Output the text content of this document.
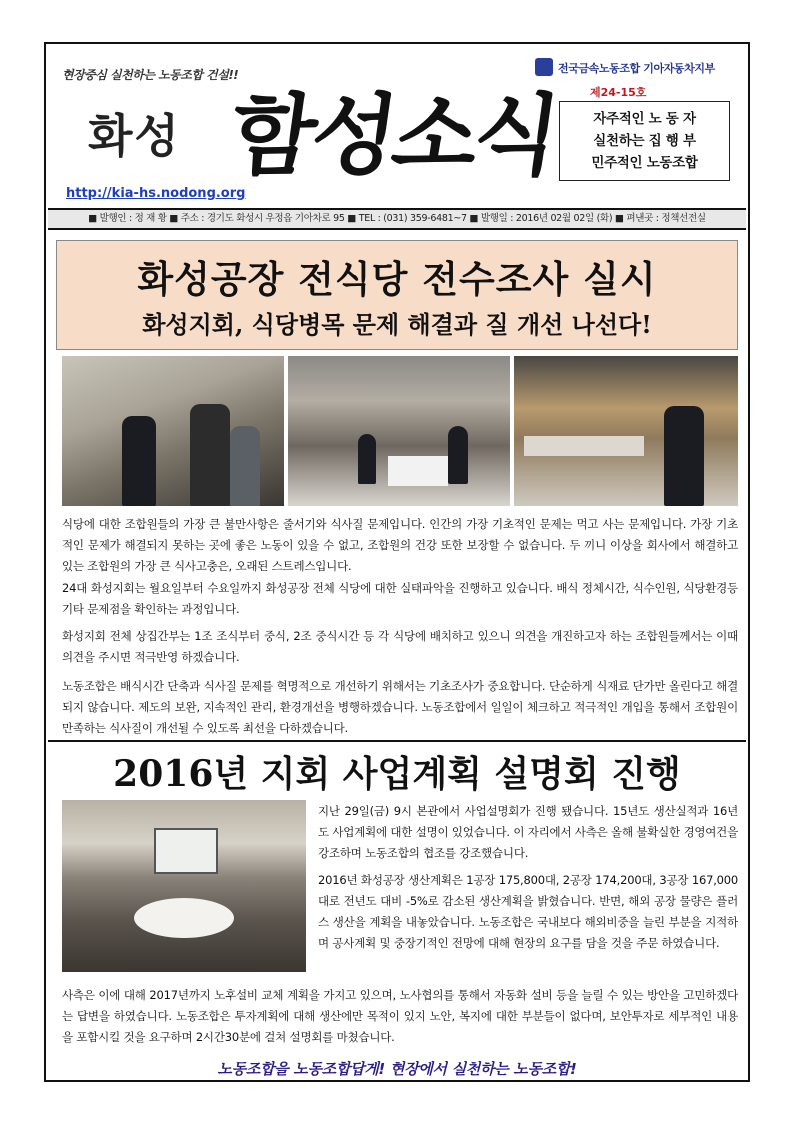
현장중심 실천하는 노동조합 건설!!
화성 함성소식
전국금속노동조합 기아자동차지부
제24-15호
자주적인 노 동 자
실천하는 집 행 부
민주적인 노동조합
http://kia-hs.nodong.org
■ 발행인 : 정 재 황 ■ 주소 : 경기도 화성시 우정읍 기아차로 95 ■ TEL : (031) 359-6481~7 ■ 발행일 : 2016년 02월 02일 (화) ■ 펴낸곳 : 정책선전실
화성공장 전식당 전수조사 실시
화성지회, 식당병목 문제 해결과 질 개선 나선다!
식당에 대한 조합원들의 가장 큰 불만사항은 줄서기와 식사질 문제입니다. 인간의 가장 기초적인 문제는 먹고 사는 문제입니다. 가장 기초적인 문제가 해결되지 못하는 곳에 좋은 노동이 있을 수 없고, 조합원의 건강 또한 보장할 수 없습니다. 두 끼니 이상을 회사에서 해결하고 있는 조합원의 가장 큰 식사고충은, 오래된 스트레스입니다.
24대 화성지회는 월요일부터 수요일까지 화성공장 전체 식당에 대한 실태파악을 진행하고 있습니다. 배식 정체시간, 식수인원, 식당환경등 기타 문제점을 확인하는 과정입니다.
화성지회 전체 상집간부는 1조 조식부터 중식, 2조 중식시간 등 각 식당에 배치하고 있으니 의견을 개진하고자 하는 조합원들께서는 이때 의견을 주시면 적극반영 하겠습니다.
노동조합은 배식시간 단축과 식사질 문제를 혁명적으로 개선하기 위해서는 기초조사가 중요합니다. 단순하게 식재료 단가만 올린다고 해결되지 않습니다. 제도의 보완, 지속적인 관리, 환경개선을 병행하겠습니다. 노동조합에서 일일이 체크하고 적극적인 개입을 통해서 조합원이 만족하는 식사질이 개선될 수 있도록 최선을 다하겠습니다.
2016년 지회 사업계획 설명회 진행
지난 29일(금) 9시 본관에서 사업설명회가 진행 됐습니다. 15년도 생산실적과 16년도 사업계획에 대한 설명이 있었습니다. 이 자리에서 사측은 올해 불확실한 경영여건을 강조하며 노동조합의 협조를 강조했습니다.
2016년 화성공장 생산계획은 1공장 175,800대, 2공장 174,200대, 3공장 167,000대로 전년도 대비 -5%로 감소된 생산계획을 밝혔습니다. 반면, 해외 공장 물량은 플러스 생산을 계획을 내놓았습니다. 노동조합은 국내보다 해외비중을 늘린 부분을 지적하며 공사계획 및 중장기적인 전망에 대해 현장의 요구를 담을 것을 주문 하였습니다.
사측은 이에 대해 2017년까지 노후설비 교체 계획을 가지고 있으며, 노사협의를 통해서 자동화 설비 등을 늘릴 수 있는 방안을 고민하겠다는 답변을 하였습니다. 노동조합은 투자계획에 대해 생산에만 목적이 있지 노안, 복지에 대한 부분들이 없다며, 보안투자로 세부적인 내용을 포함시킬 것을 요구하며 2시간30분에 걸쳐 설명회를 마쳤습니다.
노동조합을 노동조합답게! 현장에서 실천하는 노동조합!
